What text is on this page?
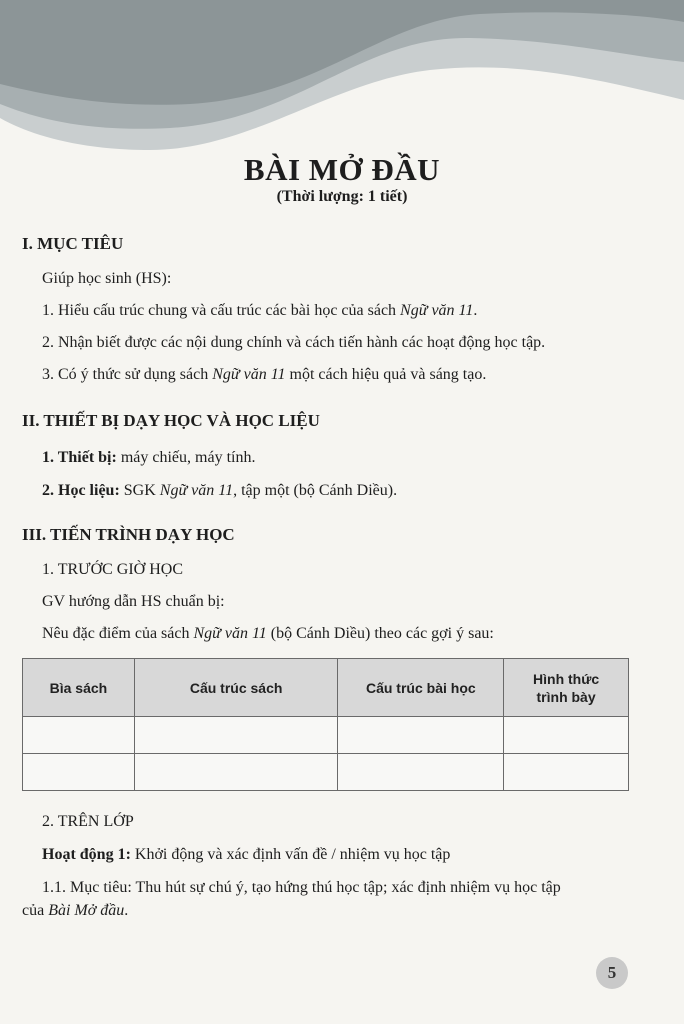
BÀI MỞ ĐẦU
(Thời lượng: 1 tiết)
I. MỤC TIÊU
Giúp học sinh (HS):
1. Hiểu cấu trúc chung và cấu trúc các bài học của sách Ngữ văn 11.
2. Nhận biết được các nội dung chính và cách tiến hành các hoạt động học tập.
3. Có ý thức sử dụng sách Ngữ văn 11 một cách hiệu quả và sáng tạo.
II. THIẾT BỊ DẠY HỌC VÀ HỌC LIỆU
1. Thiết bị: máy chiếu, máy tính.
2. Học liệu: SGK Ngữ văn 11, tập một (bộ Cánh Diều).
III. TIẾN TRÌNH DẠY HỌC
1. TRƯỚC GIỜ HỌC
GV hướng dẫn HS chuẩn bị:
Nêu đặc điểm của sách Ngữ văn 11 (bộ Cánh Diều) theo các gợi ý sau:
Bìa sách	Cấu trúc sách	Cấu trúc bài học	Hình thức
trình bày

2. TRÊN LỚP
Hoạt động 1: Khởi động và xác định vấn đề / nhiệm vụ học tập
1.1. Mục tiêu: Thu hút sự chú ý, tạo hứng thú học tập; xác định nhiệm vụ học tập
của Bài Mở đầu.
5
